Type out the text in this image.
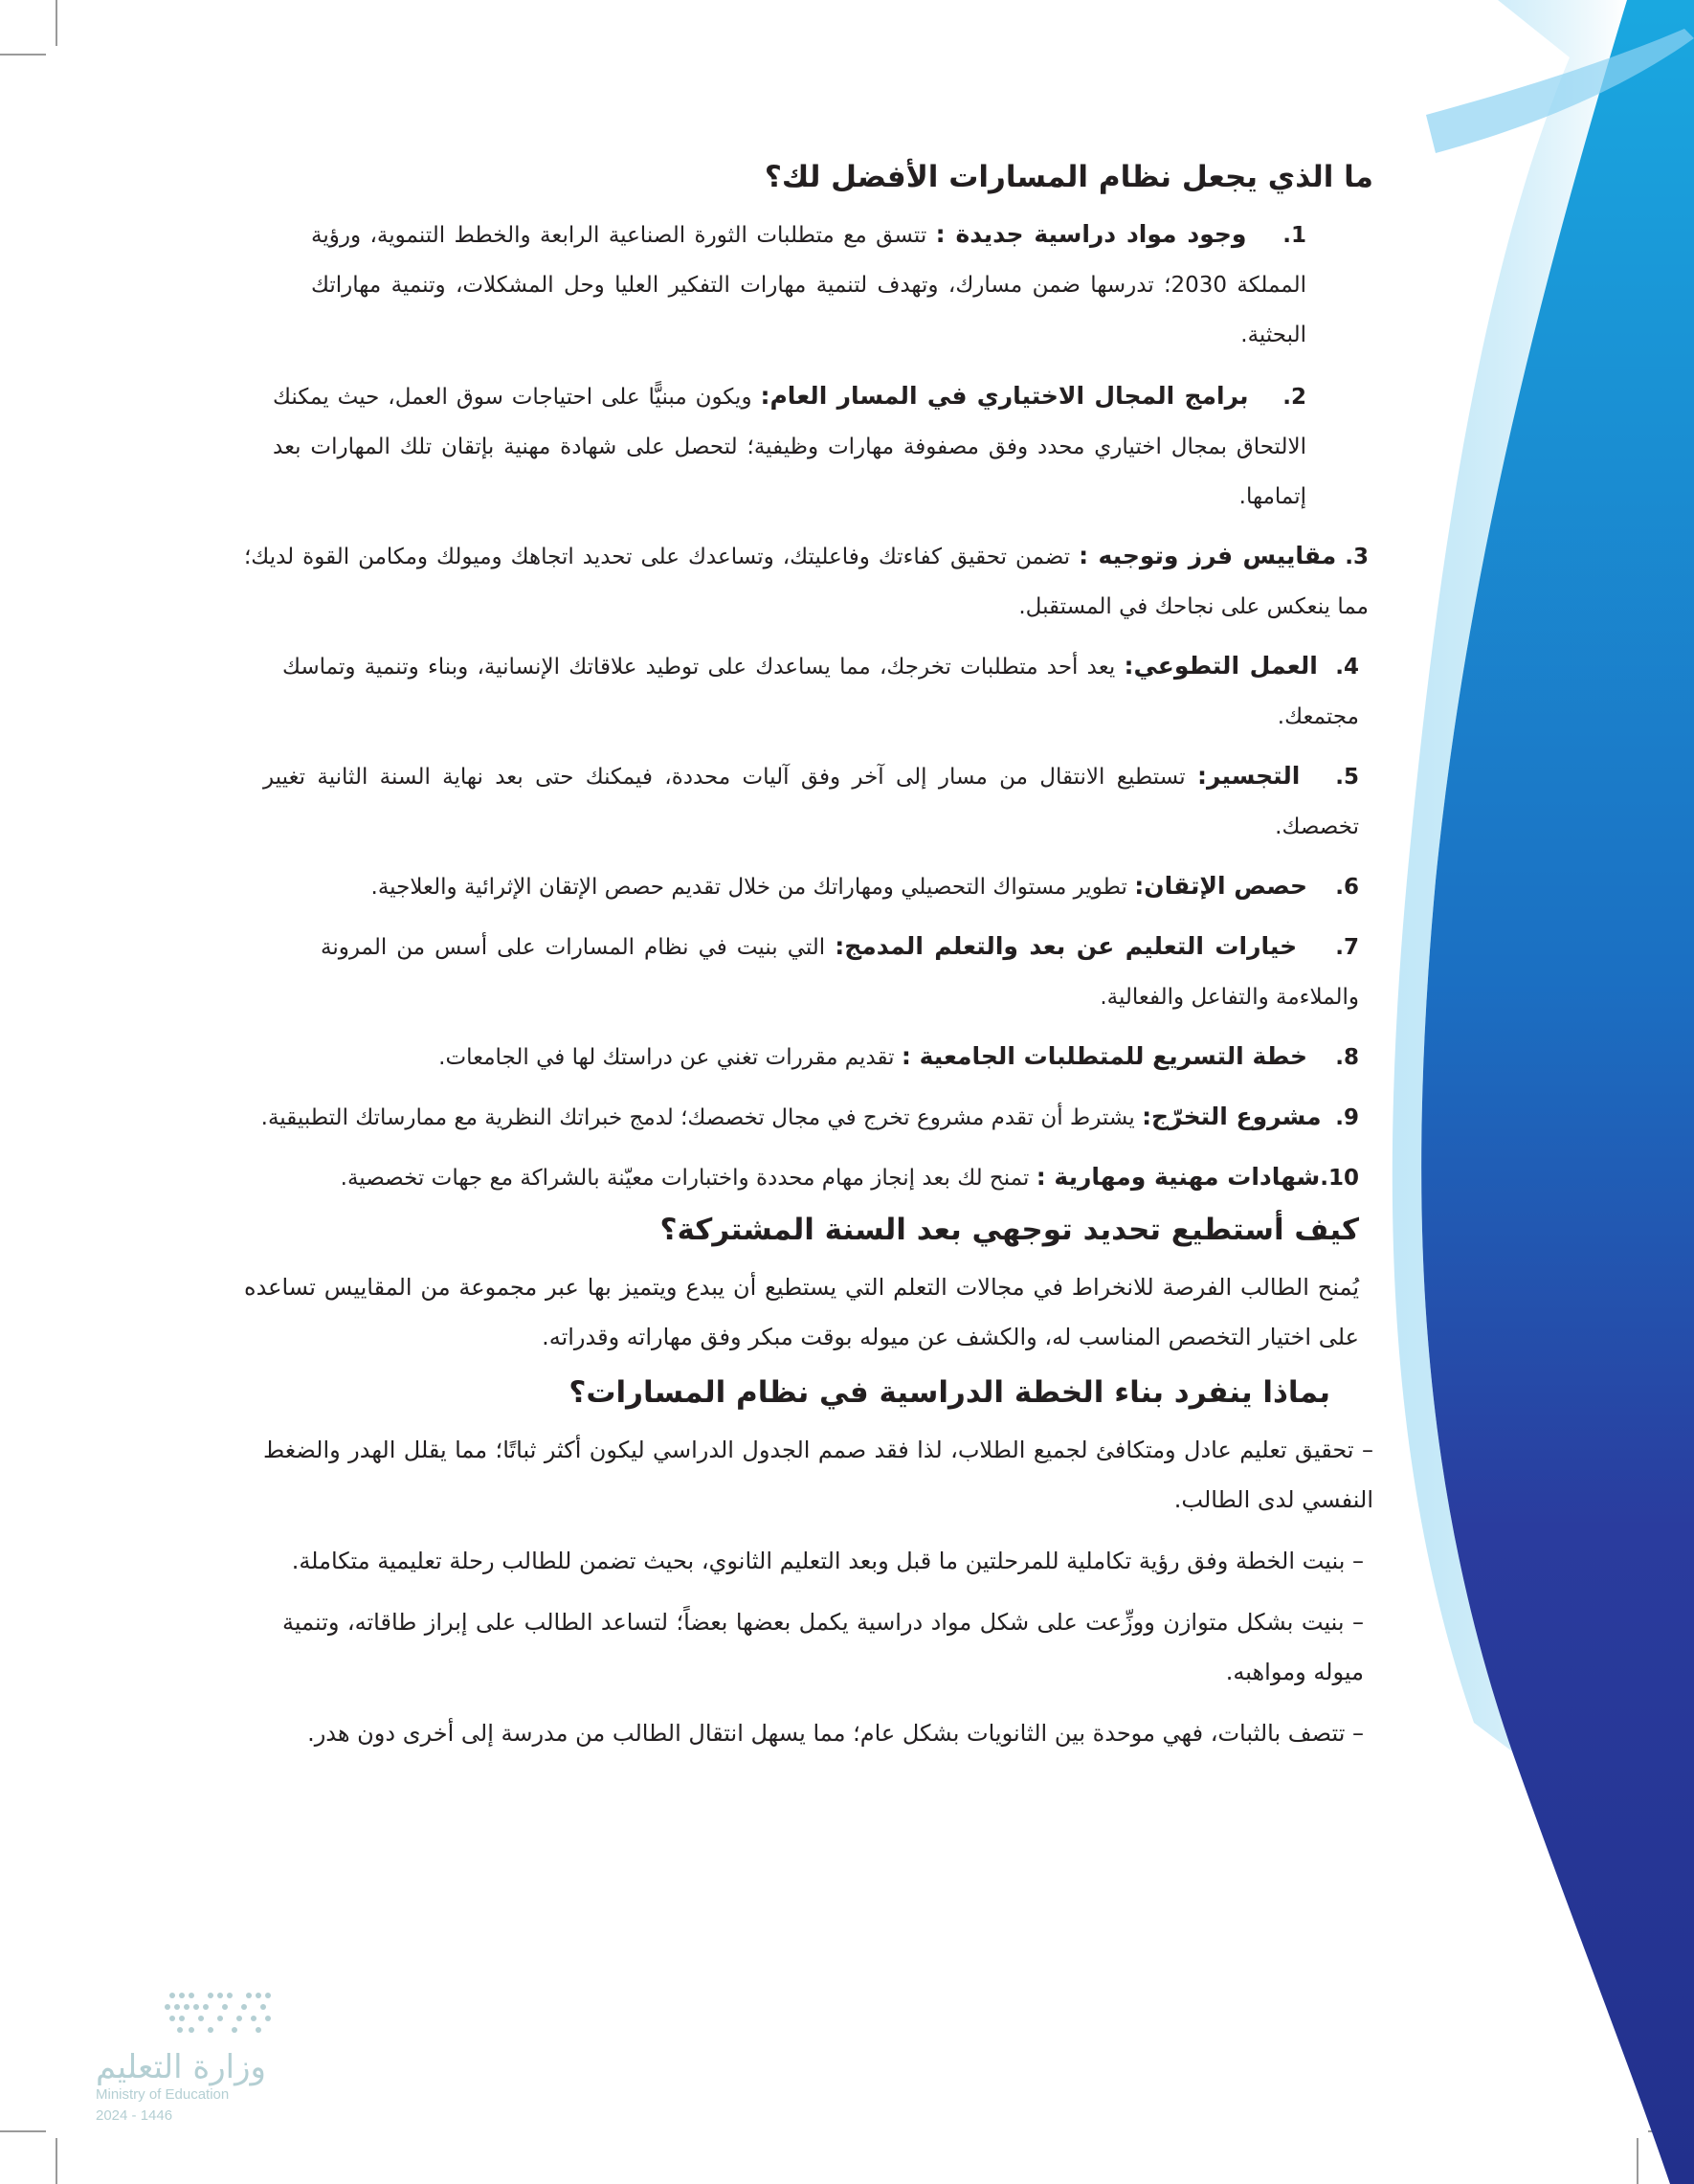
ما الذي يجعل نظام المسارات الأفضل لك؟

1.    وجود مواد دراسية جديدة : تتسق مع متطلبات الثورة الصناعية الرابعة والخطط التنموية، ورؤية المملكة 2030؛ تدرسها ضمن مسارك، وتهدف لتنمية مهارات التفكير العليا وحل المشكلات، وتنمية مهاراتك البحثية.

2.    برامج المجال الاختياري في المسار العام: ويكون مبنيًّا على احتياجات سوق العمل، حيث يمكنك الالتحاق بمجال اختياري محدد وفق مصفوفة مهارات وظيفية؛ لتحصل على شهادة مهنية بإتقان تلك المهارات بعد إتمامها.

3. مقاييس فرز وتوجيه : تضمن تحقيق كفاءتك وفاعليتك، وتساعدك على تحديد اتجاهك وميولك ومكامن القوة لديك؛ مما ينعكس على نجاحك في المستقبل.

4.  العمل التطوعي: يعد أحد متطلبات تخرجك، مما يساعدك على توطيد علاقاتك الإنسانية، وبناء وتنمية وتماسك مجتمعك.

5.   التجسير: تستطيع الانتقال من مسار إلى آخر وفق آليات محددة، فيمكنك حتى بعد نهاية السنة الثانية تغيير تخصصك.

6.    حصص الإتقان: تطوير مستواك التحصيلي ومهاراتك من خلال تقديم حصص الإتقان الإثرائية والعلاجية.

7.    خيارات التعليم عن بعد والتعلم المدمج: التي بنيت في نظام المسارات على أسس من المرونة والملاءمة والتفاعل والفعالية.

8.    خطة التسريع للمتطلبات الجامعية : تقديم مقررات تغني عن دراستك لها في الجامعات.

9.  مشروع التخرّج: يشترط أن تقدم مشروع تخرج في مجال تخصصك؛ لدمج خبراتك النظرية مع ممارساتك التطبيقية.

10.شهادات مهنية ومهارية : تمنح لك بعد إنجاز مهام محددة واختبارات معيّنة بالشراكة مع جهات تخصصية.

كيف أستطيع تحديد توجهي بعد السنة المشتركة؟

يُمنح الطالب الفرصة للانخراط في مجالات التعلم التي يستطيع أن يبدع ويتميز بها عبر مجموعة من المقاييس تساعده على اختيار التخصص المناسب له، والكشف عن ميوله بوقت مبكر وفق مهاراته وقدراته.

بماذا ينفرد بناء الخطة الدراسية في نظام المسارات؟

– تحقيق تعليم عادل ومتكافئ لجميع الطلاب، لذا فقد صمم الجدول الدراسي ليكون أكثر ثباتًا؛ مما يقلل الهدر والضغط النفسي لدى الطالب.

– بنيت الخطة وفق رؤية تكاملية للمرحلتين ما قبل وبعد التعليم الثانوي، بحيث تضمن للطالب رحلة تعليمية متكاملة.

– بنيت بشكل متوازن ووزِّعت على شكل مواد دراسية يكمل بعضها بعضاً؛ لتساعد الطالب على إبراز طاقاته، وتنمية ميوله ومواهبه.

– تتصف بالثبات، فهي موحدة بين الثانويات بشكل عام؛ مما يسهل انتقال الطالب من مدرسة إلى أخرى دون هدر.

وزارة التعليم
Ministry of Education
2024 - 1446
